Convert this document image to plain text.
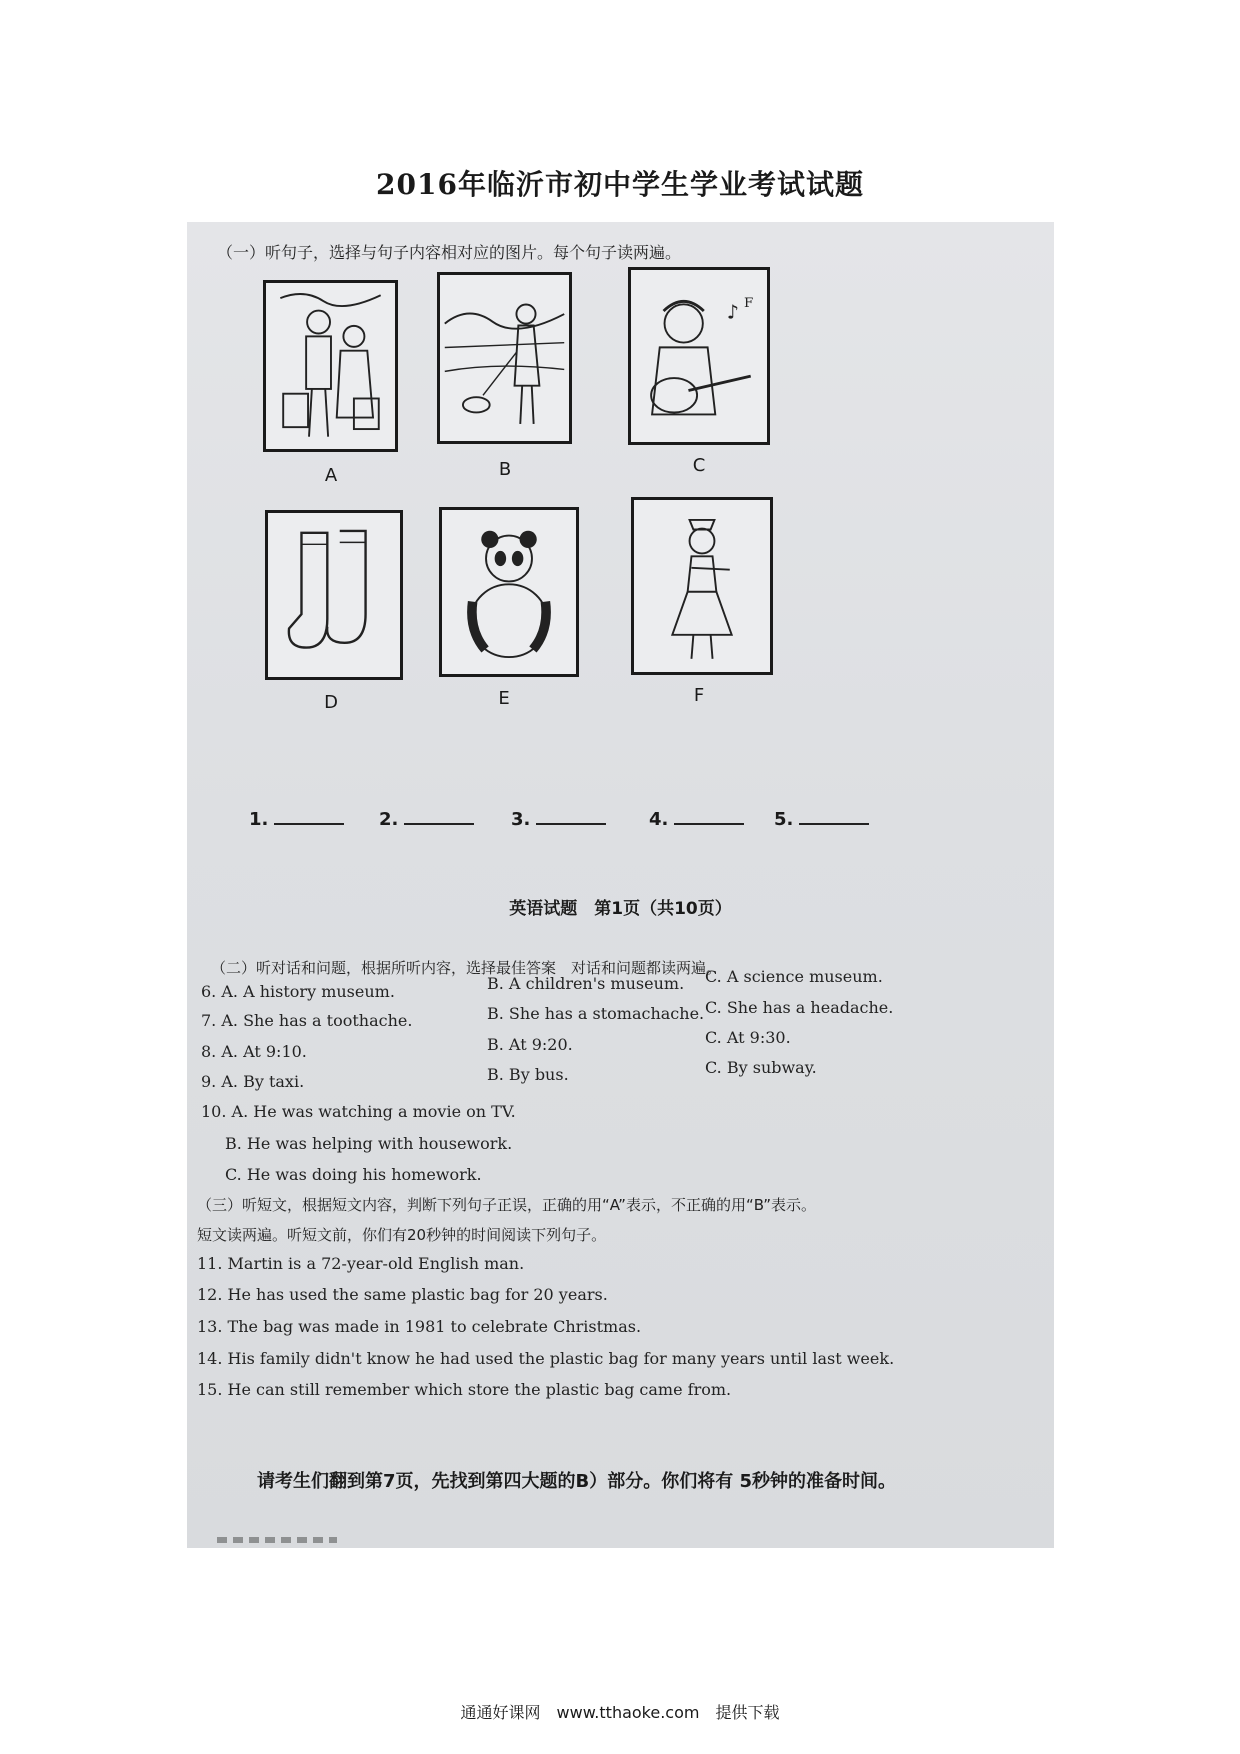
2016年临沂市初中学生学业考试试题
（一）听句子，选择与句子内容相对应的图片。每个句子读两遍。
A	B
♪ F
C
D	E	F
1.	2.	3.	4.	5.
英语试题　第1页（共10页）
（二）听对话和问题，根据所听内容，选择最佳答案　对话和问题都读两遍。
6. A. A history museum.	B. A children's museum. C. A science museum.
7. A. She has a toothache.	B. She has a stomachache. C. She has a headache.
8. A. At 9:10.	B. At 9:20.	C. At 9:30.
9. A. By taxi.	B. By bus.	C. By subway.
10. A. He was watching a movie on TV.
B. He was helping with housework.
C. He was doing his homework.
（三）听短文，根据短文内容，判断下列句子正误，正确的用“A”表示，不正确的用“B”表示。
短文读两遍。听短文前，你们有20秒钟的时间阅读下列句子。
11. Martin is a 72-year-old English man.
12. He has used the same plastic bag for 20 years.
13. The bag was made in 1981 to celebrate Christmas.
14. His family didn't know he had used the plastic bag for many years until last week.
15. He can still remember which store the plastic bag came from.
请考生们翻到第7页，先找到第四大题的B）部分。你们将有 5秒钟的准备时间。
通通好课网　www.tthaoke.com　提供下载
